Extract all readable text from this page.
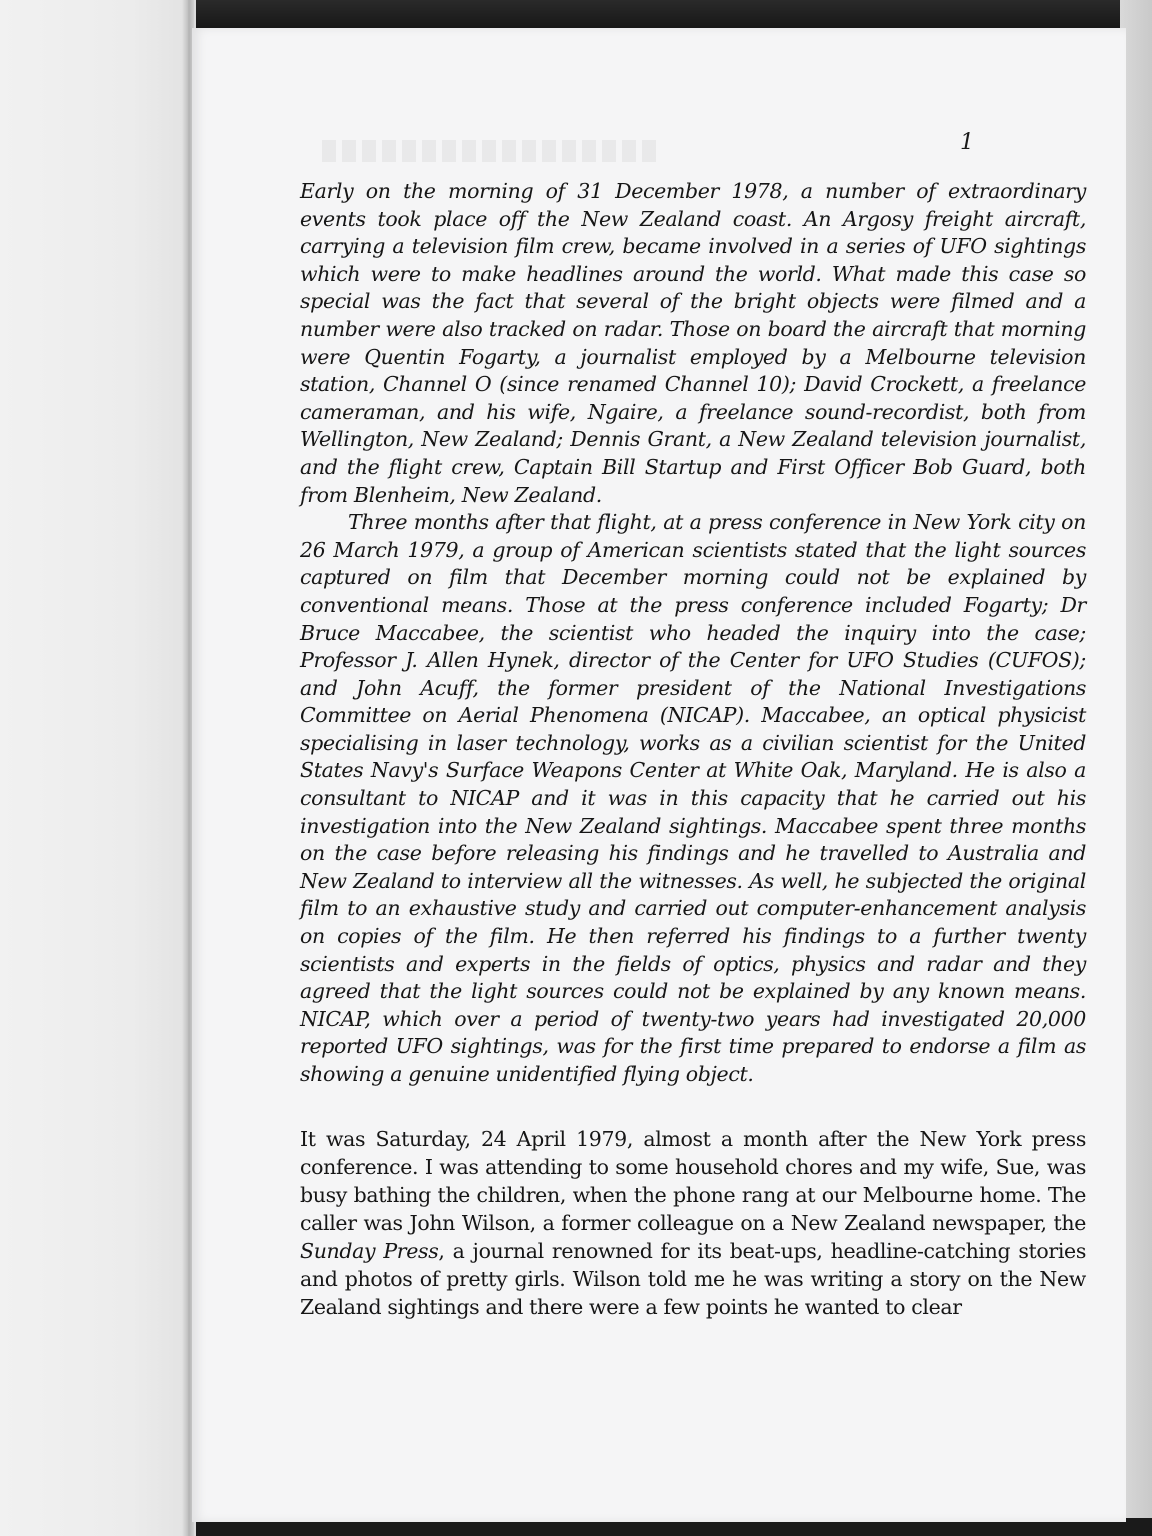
1

Early on the morning of 31 December 1978, a number of extraordinary events took place off the New Zealand coast. An Argosy freight aircraft, carrying a television film crew, became involved in a series of UFO sightings which were to make headlines around the world. What made this case so special was the fact that several of the bright objects were filmed and a number were also tracked on radar. Those on board the aircraft that morning were Quentin Fogarty, a journalist employed by a Melbourne television station, Channel O (since renamed Channel 10); David Crockett, a freelance cameraman, and his wife, Ngaire, a freelance sound-recordist, both from Wellington, New Zealand; Dennis Grant, a New Zealand television journalist, and the flight crew, Captain Bill Startup and First Officer Bob Guard, both from Blenheim, New Zealand.

Three months after that flight, at a press conference in New York city on 26 March 1979, a group of American scientists stated that the light sources captured on film that December morning could not be explained by conventional means. Those at the press conference included Fogarty; Dr Bruce Maccabee, the scientist who headed the inquiry into the case; Professor J. Allen Hynek, director of the Center for UFO Studies (CUFOS); and John Acuff, the former president of the National Investigations Committee on Aerial Phenomena (NICAP). Maccabee, an optical physicist specialising in laser technology, works as a civilian scientist for the United States Navy's Surface Weapons Center at White Oak, Maryland. He is also a consultant to NICAP and it was in this capacity that he carried out his investigation into the New Zealand sightings. Maccabee spent three months on the case before releasing his findings and he travelled to Australia and New Zealand to interview all the witnesses. As well, he subjected the original film to an exhaustive study and carried out computer-enhancement analysis on copies of the film. He then referred his findings to a further twenty scientists and experts in the fields of optics, physics and radar and they agreed that the light sources could not be explained by any known means. NICAP, which over a period of twenty-two years had investigated 20,000 reported UFO sightings, was for the first time prepared to endorse a film as showing a genuine unidentified flying object.

It was Saturday, 24 April 1979, almost a month after the New York press conference. I was attending to some household chores and my wife, Sue, was busy bathing the children, when the phone rang at our Melbourne home. The caller was John Wilson, a former colleague on a New Zealand newspaper, the Sunday Press, a journal renowned for its beat-ups, headline-catching stories and photos of pretty girls. Wilson told me he was writing a story on the New Zealand sightings and there were a few points he wanted to clear
